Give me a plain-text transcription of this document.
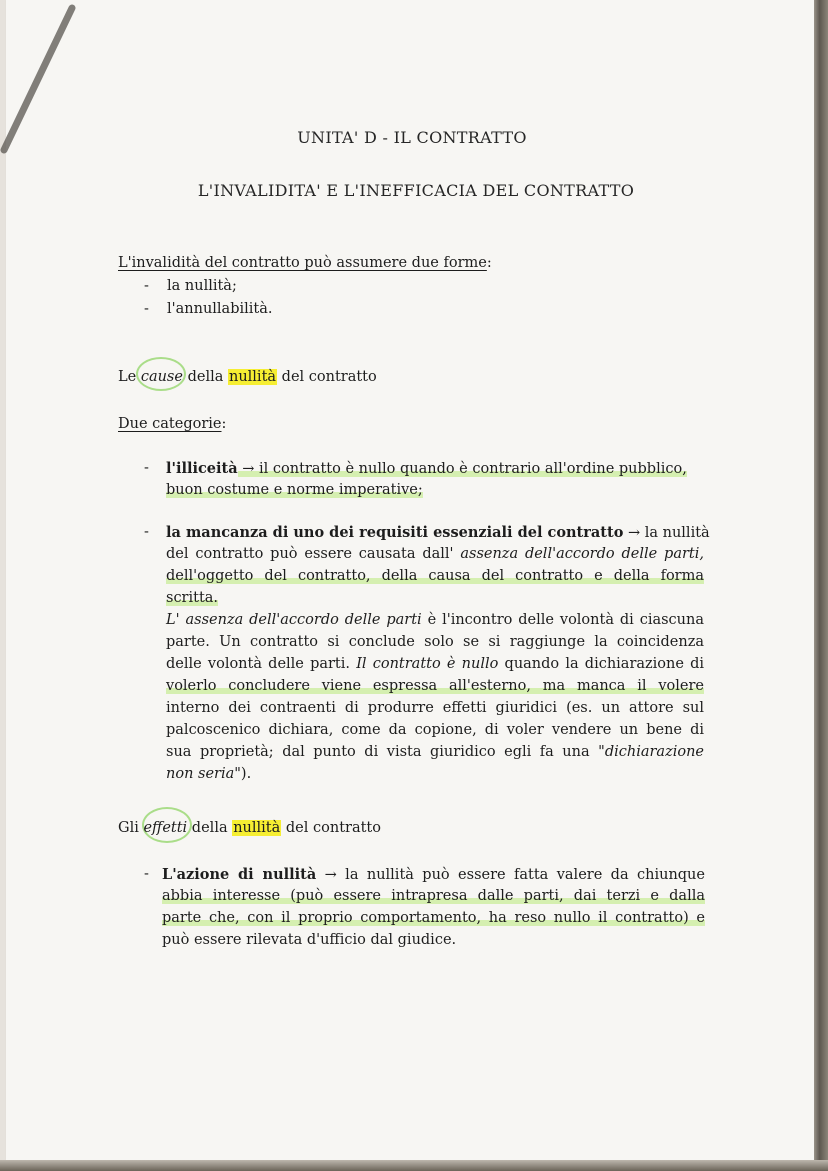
UNITA' D - IL CONTRATTO
L'INVALIDITA' E L'INEFFICACIA DEL CONTRATTO
L'invalidità del contratto può assumere due forme:
- la nullità;
- l'annullabilità.
Le cause della nullità del contratto
Due categorie:
- l'illiceità → il contratto è nullo quando è contrario all'ordine pubblico,
buon costume e norme imperative;
- la mancanza di uno dei requisiti essenziali del contratto → la nullità
del contratto può essere causata dall' assenza dell'accordo delle parti,
dell'oggetto del contratto, della causa del contratto e della forma
scritta.
L' assenza dell'accordo delle parti è l'incontro delle volontà di ciascuna
parte. Un contratto si conclude solo se si raggiunge la coincidenza
delle volontà delle parti. Il contratto è nullo quando la dichiarazione di
volerlo concludere viene espressa all'esterno, ma manca il volere
interno dei contraenti di produrre effetti giuridici (es. un attore sul
palcoscenico dichiara, come da copione, di voler vendere un bene di
sua proprietà; dal punto di vista giuridico egli fa una "dichiarazione
non seria").
Gli effetti della nullità del contratto
- L'azione di nullità → la nullità può essere fatta valere da chiunque
abbia interesse (può essere intrapresa dalle parti, dai terzi e dalla
parte che, con il proprio comportamento, ha reso nullo il contratto) e
può essere rilevata d'ufficio dal giudice.
